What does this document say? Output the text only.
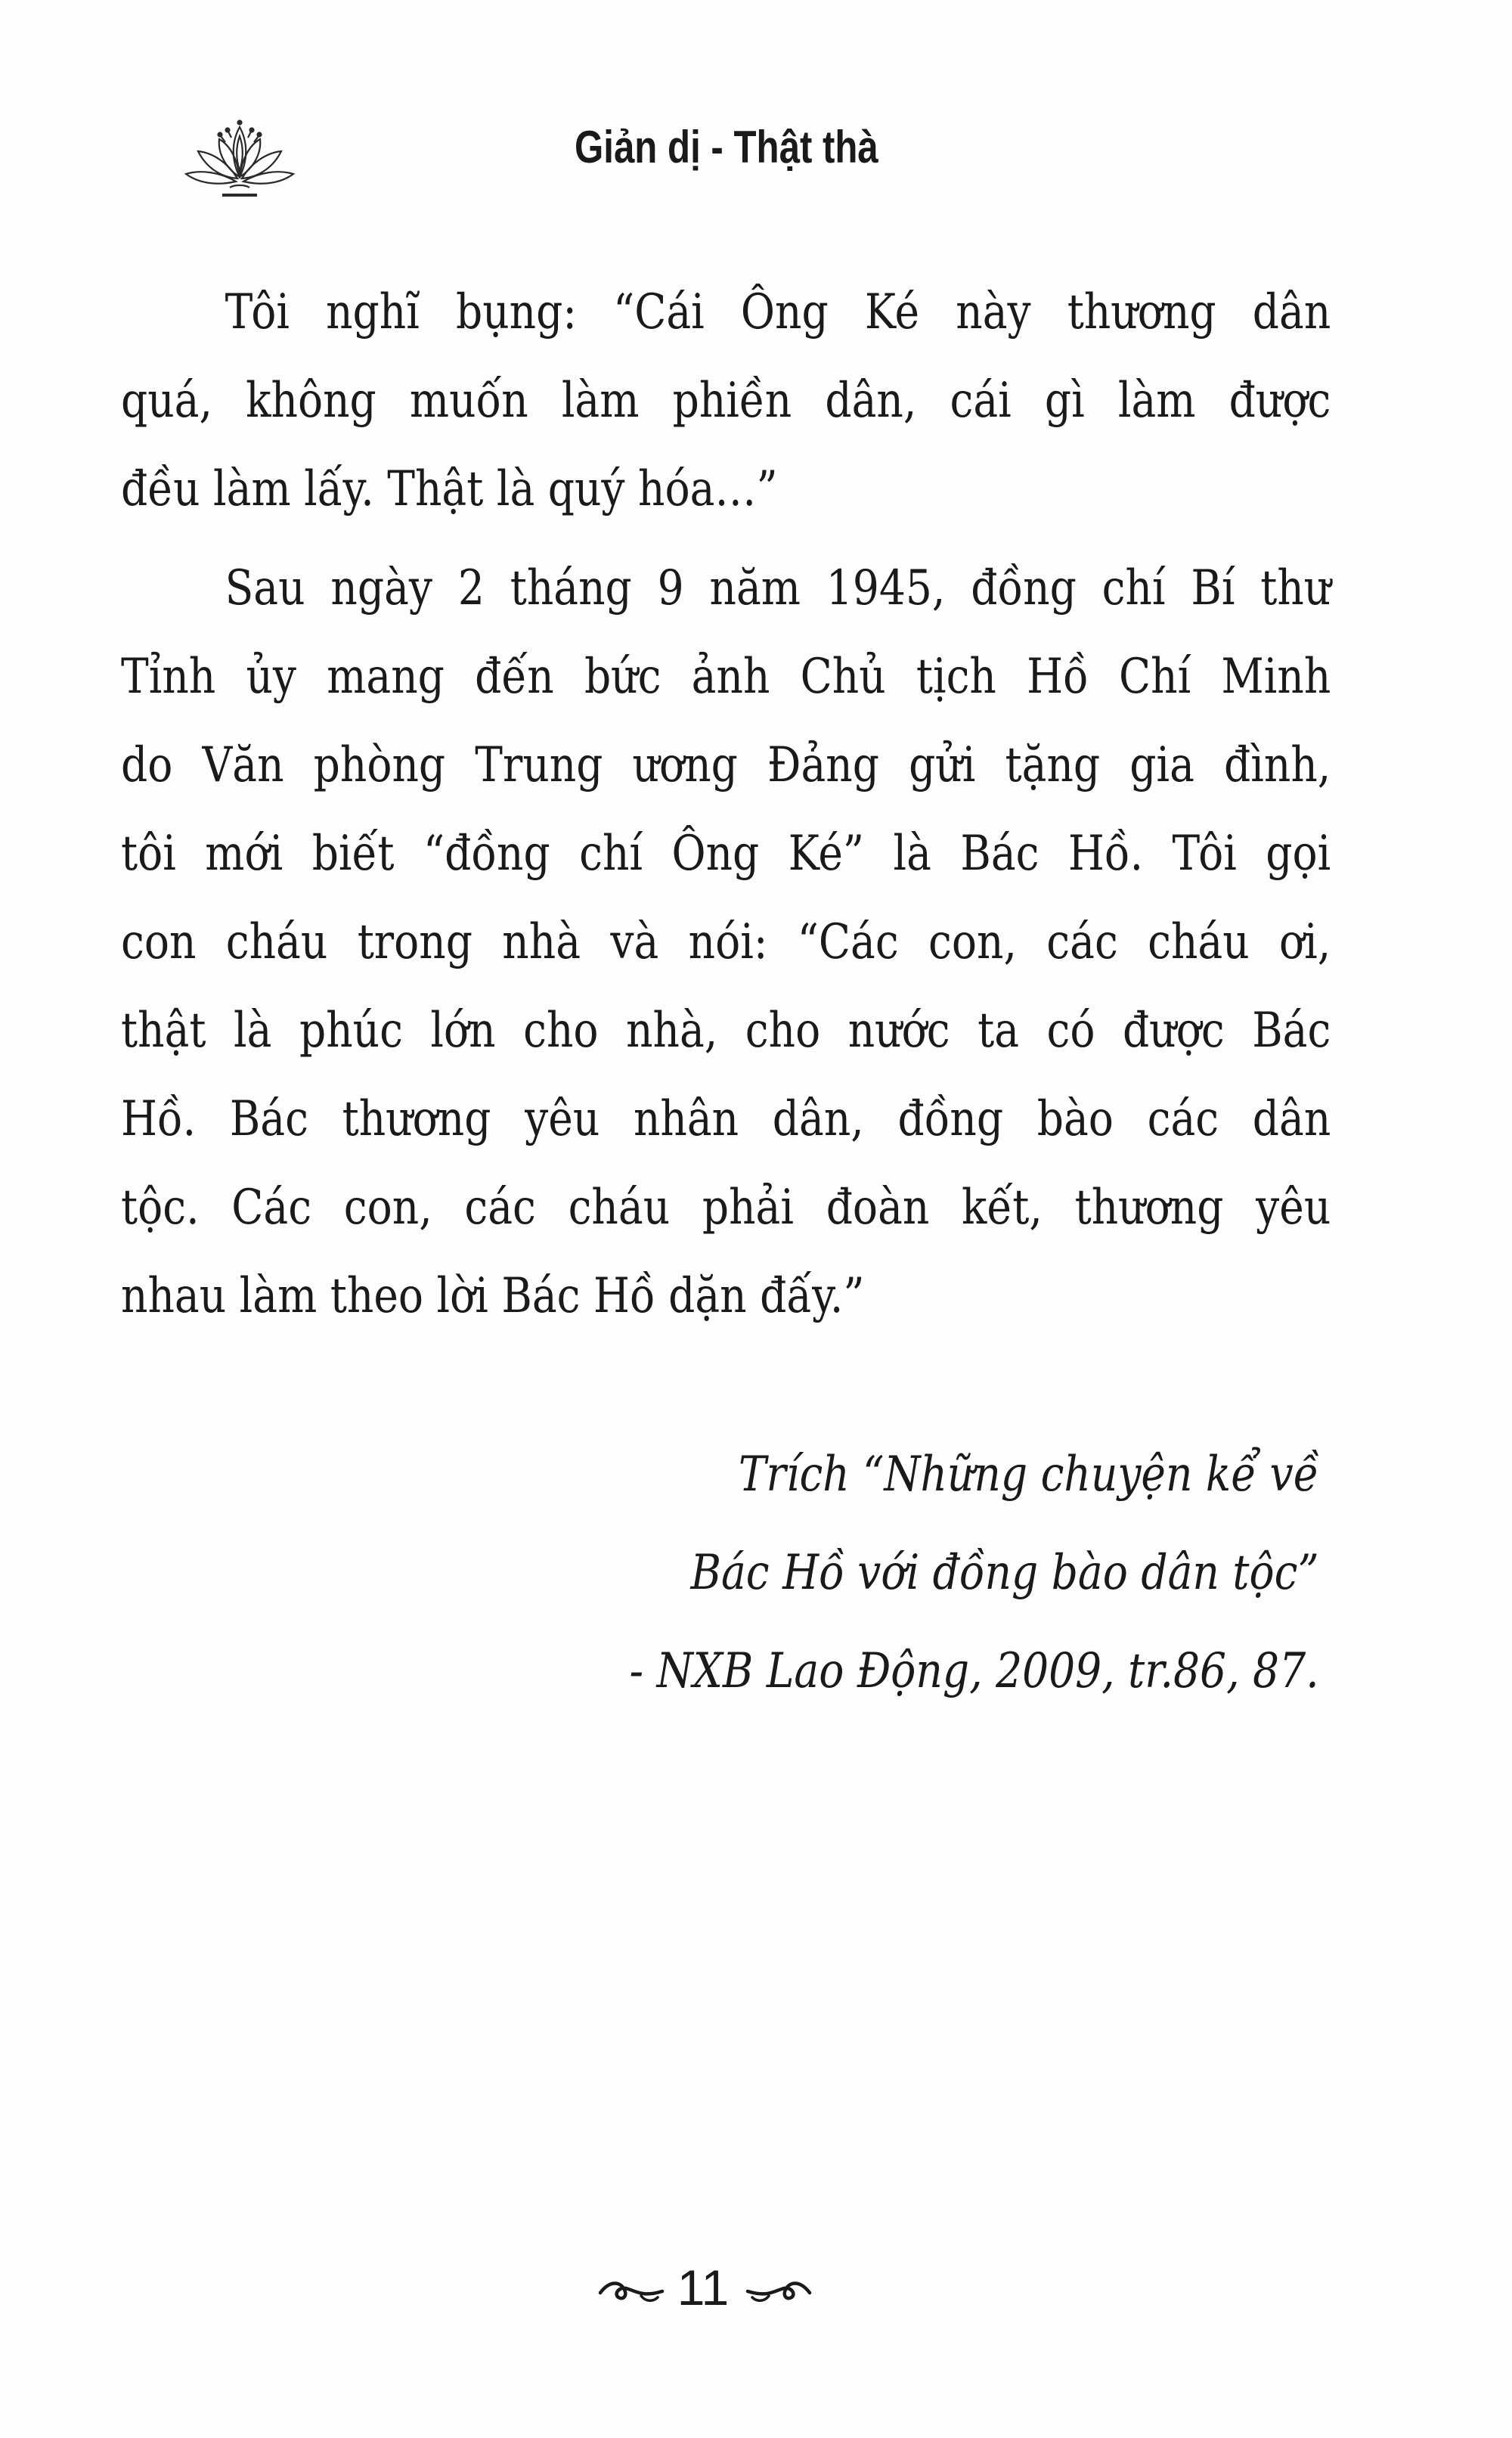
Giản dị - Thật thà
Tôi nghĩ bụng: “Cái Ông Ké này thương dân
quá, không muốn làm phiền dân, cái gì làm được
đều làm lấy. Thật là quý hóa…”
Sau ngày 2 tháng 9 năm 1945, đồng chí Bí thư
Tỉnh ủy mang đến bức ảnh Chủ tịch Hồ Chí Minh
do Văn phòng Trung ương Đảng gửi tặng gia đình,
tôi mới biết “đồng chí Ông Ké” là Bác Hồ. Tôi gọi
con cháu trong nhà và nói: “Các con, các cháu ơi,
thật là phúc lớn cho nhà, cho nước ta có được Bác
Hồ. Bác thương yêu nhân dân, đồng bào các dân
tộc. Các con, các cháu phải đoàn kết, thương yêu
nhau làm theo lời Bác Hồ dặn đấy.”
Trích “Những chuyện kể về
Bác Hồ với đồng bào dân tộc”
- NXB Lao Động, 2009, tr.86, 87.
11
